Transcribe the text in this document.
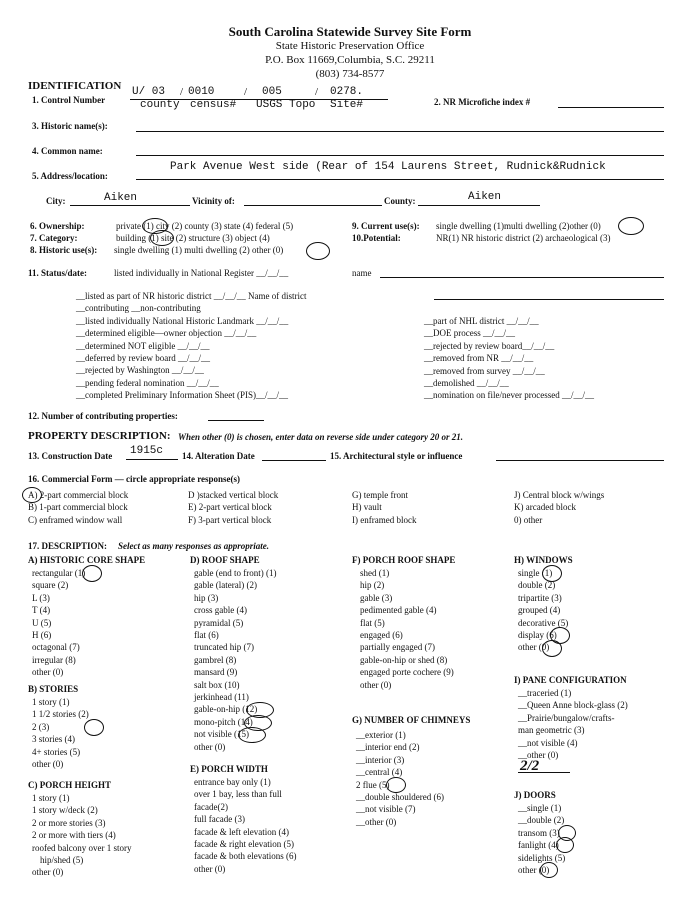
South Carolina Statewide Survey Site Form
State Historic Preservation Office
P.O. Box 11669,Columbia, S.C. 29211
(803) 734-8577
IDENTIFICATION
1. Control Number
U/ 03 0010	005	0278.
/	/	/
county census# USGS Topo Site#	2. NR Microfiche index #
3. Historic name(s):
4. Common name:
5. Address/location:
Park Avenue West side (Rear of 154 Laurens Street, Rudnick&Rudnick
City:	Aiken	Vicinity of:	County:	Aiken
6. Ownership:	private (1) city (2) county (3) state (4) federal (5)
7. Category:	building (1) site (2) structure (3) object (4)
8. Historic use(s): single dwelling (1) multi dwelling (2) other (0)
9. Current use(s): single dwelling (1)multi dwelling (2)other (0)
10.Potential:	NR(1) NR historic district (2) archaeological (3)
11. Status/date:	listed individually in National Register __/__/__	name
__listed as part of NR historic district __/__/__ Name of district
__contributing __non-contributing
__listed individually National Historic Landmark __/__/__
__determined eligible—owner objection __/__/__
__determined NOT eligible __/__/__
__deferred by review board __/__/__
__rejected by Washington __/__/__
__pending federal nomination __/__/__
__completed Preliminary Information Sheet (PIS)__/__/__
__part of NHL district __/__/__
__DOE process __/__/__
__rejected by review board__/__/__
__removed from NR __/__/__
__removed from survey __/__/__
__demolished __/__/__
__nomination on file/never processed __/__/__
12. Number of contributing properties:
PROPERTY DESCRIPTION: When other (0) is chosen, enter data on reverse side under category 20 or 21.
13. Construction Date 1915c 14. Alteration Date	15. Architectural style or influence
16. Commercial Form — circle appropriate response(s)
A) 2-part commercial block
B) 1-part commercial block
C) enframed window wall
D )stacked vertical block
E) 2-part vertical block
F) 3-part vertical block
G) temple front
H) vault
I) enframed block
J) Central block w/wings
K) arcaded block
0) other
17. DESCRIPTION: Select as many responses as appropriate.
A) HISTORIC CORE SHAPE
rectangular (1)
square (2)
L (3)
T (4)
U (5)
H (6)
octagonal (7)
irregular (8)
other (0)
B) STORIES
1 story (1)
1 1/2 stories (2)
2 (3)
3 stories (4)
4+ stories (5)
other (0)
C) PORCH HEIGHT
1 story (1)
1 story w/deck (2)
2 or more stories (3)
2 or more with tiers (4)
roofed balcony over 1 story
hip/shed (5)
other (0)
D) ROOF SHAPE
gable (end to front) (1)
gable (lateral) (2)
hip (3)
cross gable (4)
pyramidal (5)
flat (6)
truncated hip (7)
gambrel (8)
mansard (9)
salt box (10)
jerkinhead (11)
gable-on-hip (12)
mono-pitch (14)
not visible (15)
other (0)
E) PORCH WIDTH
entrance bay only (1)
over 1 bay, less than full
facade(2)
full facade (3)
facade & left elevation (4)
facade & right elevation (5)
facade & both elevations (6)
other (0)
F) PORCH ROOF SHAPE
shed (1)
hip (2)
gable (3)
pedimented gable (4)
flat (5)
engaged (6)
partially engaged (7)
gable-on-hip or shed (8)
engaged porte cochere (9)
other (0)
G) NUMBER OF CHIMNEYS
__exterior (1)
__interior end (2)
__interior (3)
__central (4)
2 flue (5)
__double shouldered (6)
__not visible (7)
__other (0)
H) WINDOWS
single (1)
double (2)
tripartite (3)
grouped (4)
decorative (5)
display (6)
other (0)
I) PANE CONFIGURATION
__traceried (1)
__Queen Anne block-glass (2)
__Prairie/bungalow/crafts-
man geometric (3)
__not visible (4)
__other (0)
2/2
J) DOORS
__single (1)
__double (2)
transom (3)
fanlight (4)
sidelights (5)
other (0)
